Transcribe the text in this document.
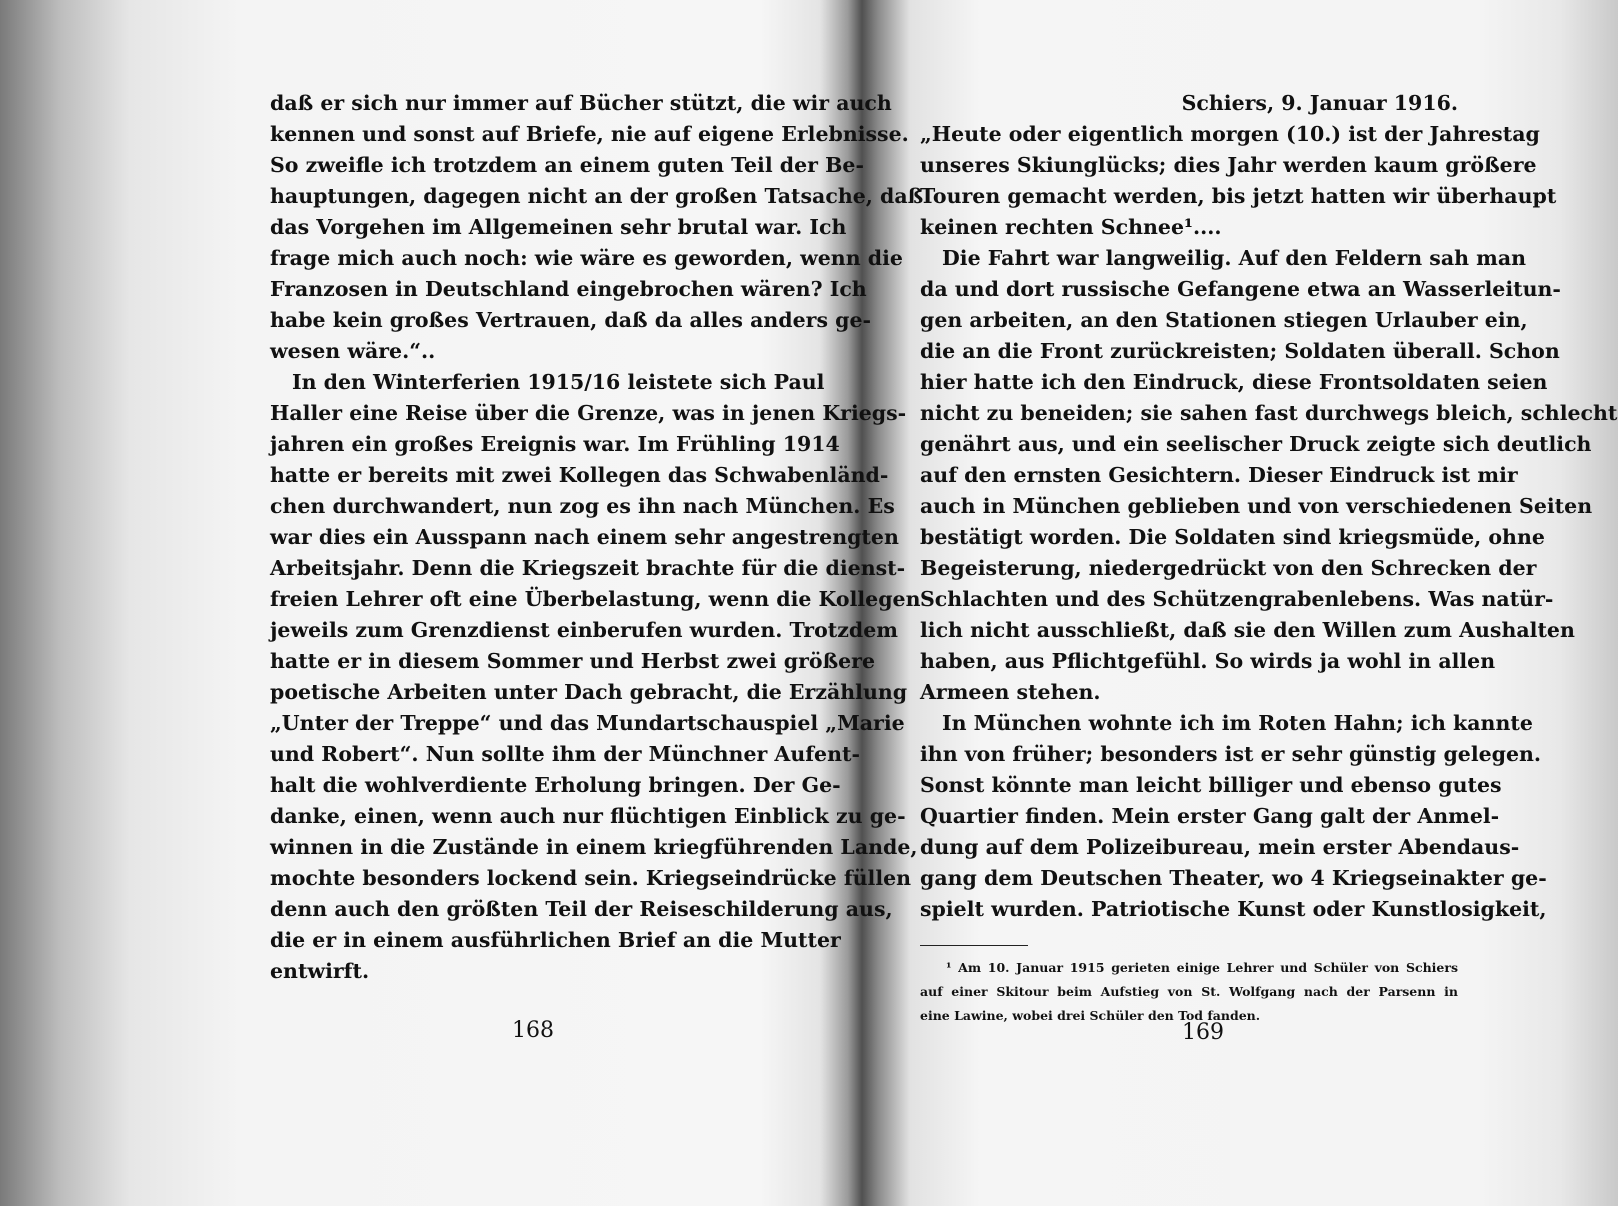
daß er sich nur immer auf Bücher stützt, die wir auch
kennen und sonst auf Briefe, nie auf eigene Erlebnisse.
So zweifle ich trotzdem an einem guten Teil der Be-
hauptungen, dagegen nicht an der großen Tatsache, daß
das Vorgehen im Allgemeinen sehr brutal war. Ich
frage mich auch noch: wie wäre es geworden, wenn die
Franzosen in Deutschland eingebrochen wären? Ich
habe kein großes Vertrauen, daß da alles anders ge-
wesen wäre.“..
In den Winterferien 1915/16 leistete sich Paul
Haller eine Reise über die Grenze, was in jenen Kriegs-
jahren ein großes Ereignis war. Im Frühling 1914
hatte er bereits mit zwei Kollegen das Schwabenländ-
chen durchwandert, nun zog es ihn nach München. Es
war dies ein Ausspann nach einem sehr angestrengten
Arbeitsjahr. Denn die Kriegszeit brachte für die dienst-
freien Lehrer oft eine Überbelastung, wenn die Kollegen
jeweils zum Grenzdienst einberufen wurden. Trotzdem
hatte er in diesem Sommer und Herbst zwei größere
poetische Arbeiten unter Dach gebracht, die Erzählung
„Unter der Treppe“ und das Mundartschauspiel „Marie
und Robert“. Nun sollte ihm der Münchner Aufent-
halt die wohlverdiente Erholung bringen. Der Ge-
danke, einen, wenn auch nur flüchtigen Einblick zu ge-
winnen in die Zustände in einem kriegführenden Lande,
mochte besonders lockend sein. Kriegseindrücke füllen
denn auch den größten Teil der Reiseschilderung aus,
die er in einem ausführlichen Brief an die Mutter
entwirft.
168
Schiers, 9. Januar 1916.
„Heute oder eigentlich morgen (10.) ist der Jahrestag
unseres Skiunglücks; dies Jahr werden kaum größere
Touren gemacht werden, bis jetzt hatten wir überhaupt
keinen rechten Schnee¹....
Die Fahrt war langweilig. Auf den Feldern sah man
da und dort russische Gefangene etwa an Wasserleitun-
gen arbeiten, an den Stationen stiegen Urlauber ein,
die an die Front zurückreisten; Soldaten überall. Schon
hier hatte ich den Eindruck, diese Frontsoldaten seien
nicht zu beneiden; sie sahen fast durchwegs bleich, schlecht
genährt aus, und ein seelischer Druck zeigte sich deutlich
auf den ernsten Gesichtern. Dieser Eindruck ist mir
auch in München geblieben und von verschiedenen Seiten
bestätigt worden. Die Soldaten sind kriegsmüde, ohne
Begeisterung, niedergedrückt von den Schrecken der
Schlachten und des Schützengrabenlebens. Was natür-
lich nicht ausschließt, daß sie den Willen zum Aushalten
haben, aus Pflichtgefühl. So wirds ja wohl in allen
Armeen stehen.
In München wohnte ich im Roten Hahn; ich kannte
ihn von früher; besonders ist er sehr günstig gelegen.
Sonst könnte man leicht billiger und ebenso gutes
Quartier finden. Mein erster Gang galt der Anmel-
dung auf dem Polizeibureau, mein erster Abendaus-
gang dem Deutschen Theater, wo 4 Kriegseinakter ge-
spielt wurden. Patriotische Kunst oder Kunstlosigkeit,
¹ Am 10. Januar 1915 gerieten einige Lehrer und Schüler von Schiers
auf einer Skitour beim Aufstieg von St. Wolfgang nach der Parsenn in
eine Lawine, wobei drei Schüler den Tod fanden.
169
